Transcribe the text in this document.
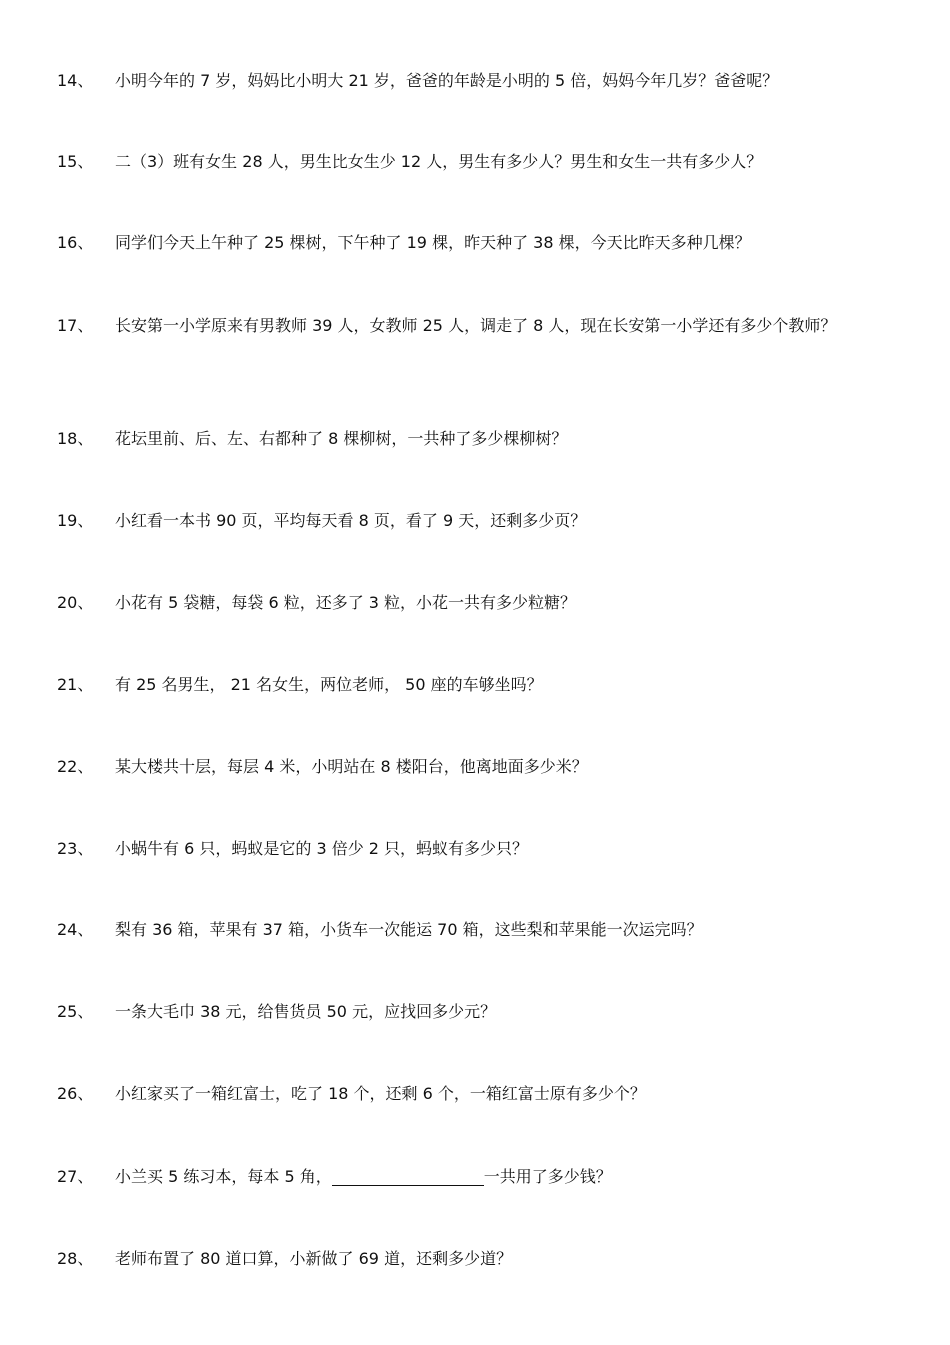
14、 小明今年的 7 岁，妈妈比小明大 21 岁，爸爸的年龄是小明的 5 倍，妈妈今年几岁？爸爸呢？
15、 二（3）班有女生 28 人，男生比女生少 12 人，男生有多少人？男生和女生一共有多少人？
16、 同学们今天上午种了 25 棵树，下午种了 19 棵，昨天种了 38 棵，今天比昨天多种几棵？
17、 长安第一小学原来有男教师 39 人，女教师 25 人，调走了 8 人，现在长安第一小学还有多少个教师？
18、 花坛里前、后、左、右都种了 8 棵柳树，一共种了多少棵柳树？
19、 小红看一本书 90 页，平均每天看 8 页，看了 9 天，还剩多少页？
20、 小花有 5 袋糖，每袋 6 粒，还多了 3 粒，小花一共有多少粒糖？
21、 有 25 名男生， 21 名女生，两位老师， 50 座的车够坐吗？
22、 某大楼共十层，每层 4 米，小明站在 8 楼阳台，他离地面多少米？
23、 小蜗牛有 6 只，蚂蚁是它的 3 倍少 2 只，蚂蚁有多少只？
24、 梨有 36 箱，苹果有 37 箱，小货车一次能运 70 箱，这些梨和苹果能一次运完吗？
25、 一条大毛巾 38 元，给售货员 50 元，应找回多少元？
26、 小红家买了一箱红富士，吃了 18 个，还剩 6 个，一箱红富士原有多少个？
27、 小兰买 5 练习本，每本 5 角，	一共用了多少钱？
28、 老师布置了 80 道口算，小新做了 69 道，还剩多少道？
